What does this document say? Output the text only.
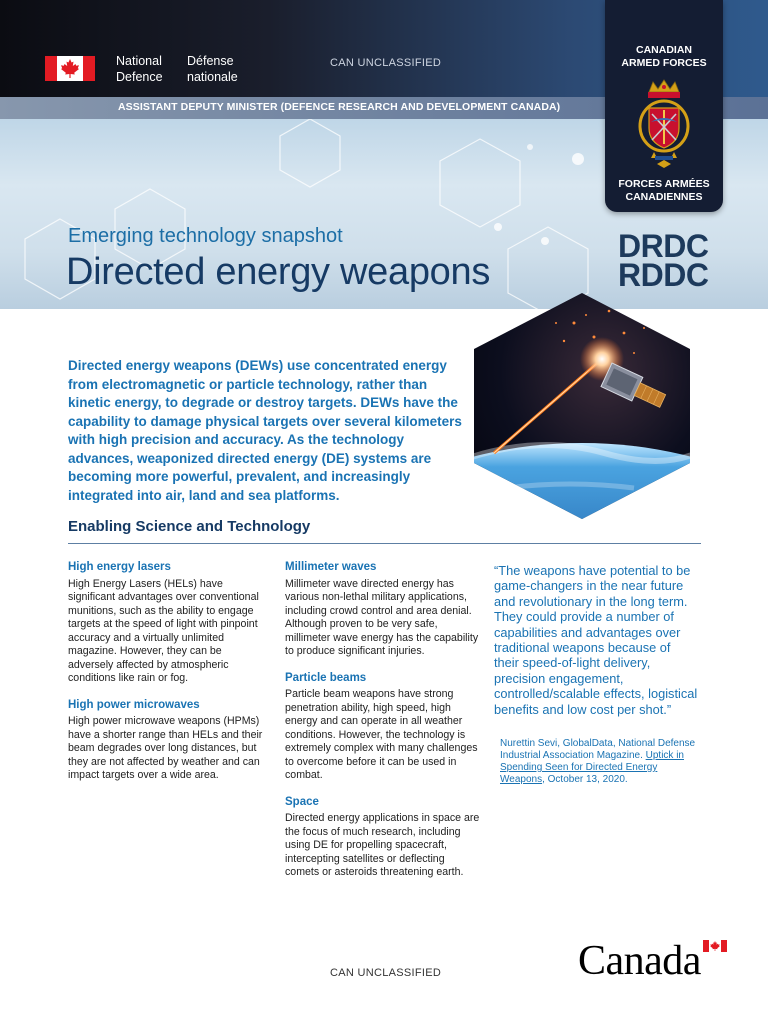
National Defence
Défense nationale
CAN UNCLASSIFIED
ASSISTANT DEPUTY MINISTER (DEFENCE RESEARCH AND DEVELOPMENT CANADA)
Emerging technology snapshot
Directed energy weapons
DRDC
RDDC
CANADIAN ARMED FORCES
FORCES ARMÉES CANADIENNES
Directed energy weapons (DEWs) use concentrated energy from electromagnetic or particle technology, rather than kinetic energy, to degrade or destroy targets. DEWs have the capability to damage physical targets over several kilometers with high precision and accuracy. As the technology advances, weaponized directed energy (DE) systems are becoming more powerful, prevalent, and increasingly integrated into air, land and sea platforms.
Enabling Science and Technology
High energy lasers

High Energy Lasers (HELs) have significant advantages over conventional munitions, such as the ability to engage targets at the speed of light with pinpoint accuracy and a virtually unlimited magazine. However, they can be adversely affected by atmospheric conditions like rain or fog.

High power microwaves

High power microwave weapons (HPMs) have a shorter range than HELs and their beam degrades over long distances, but they are not affected by weather and can impact targets over a wide area.

Millimeter waves

Millimeter wave directed energy has various non-lethal military applications, including crowd control and area denial. Although proven to be very safe, millimeter wave energy has the capability to produce significant injuries.

Particle beams

Particle beam weapons have strong penetration ability, high speed, high energy and can operate in all weather conditions. However, the technology is extremely complex with many challenges to overcome before it can be used in combat.

Space

Directed energy applications in space are the focus of much research, including using DE for propelling spacecraft, intercepting satellites or deflecting comets or asteroids threatening earth.

“The weapons have potential to be game-changers in the near future and revolutionary in the long term. They could provide a number of capabilities and advantages over traditional weapons because of their speed-of-light delivery, precision engagement, controlled/scalable effects, logistical benefits and low cost per shot.”
Nurettin Sevi, GlobalData, National Defense Industrial Association Magazine. Uptick in Spending Seen for Directed Energy Weapons, October 13, 2020.
CAN UNCLASSIFIED	Canada
